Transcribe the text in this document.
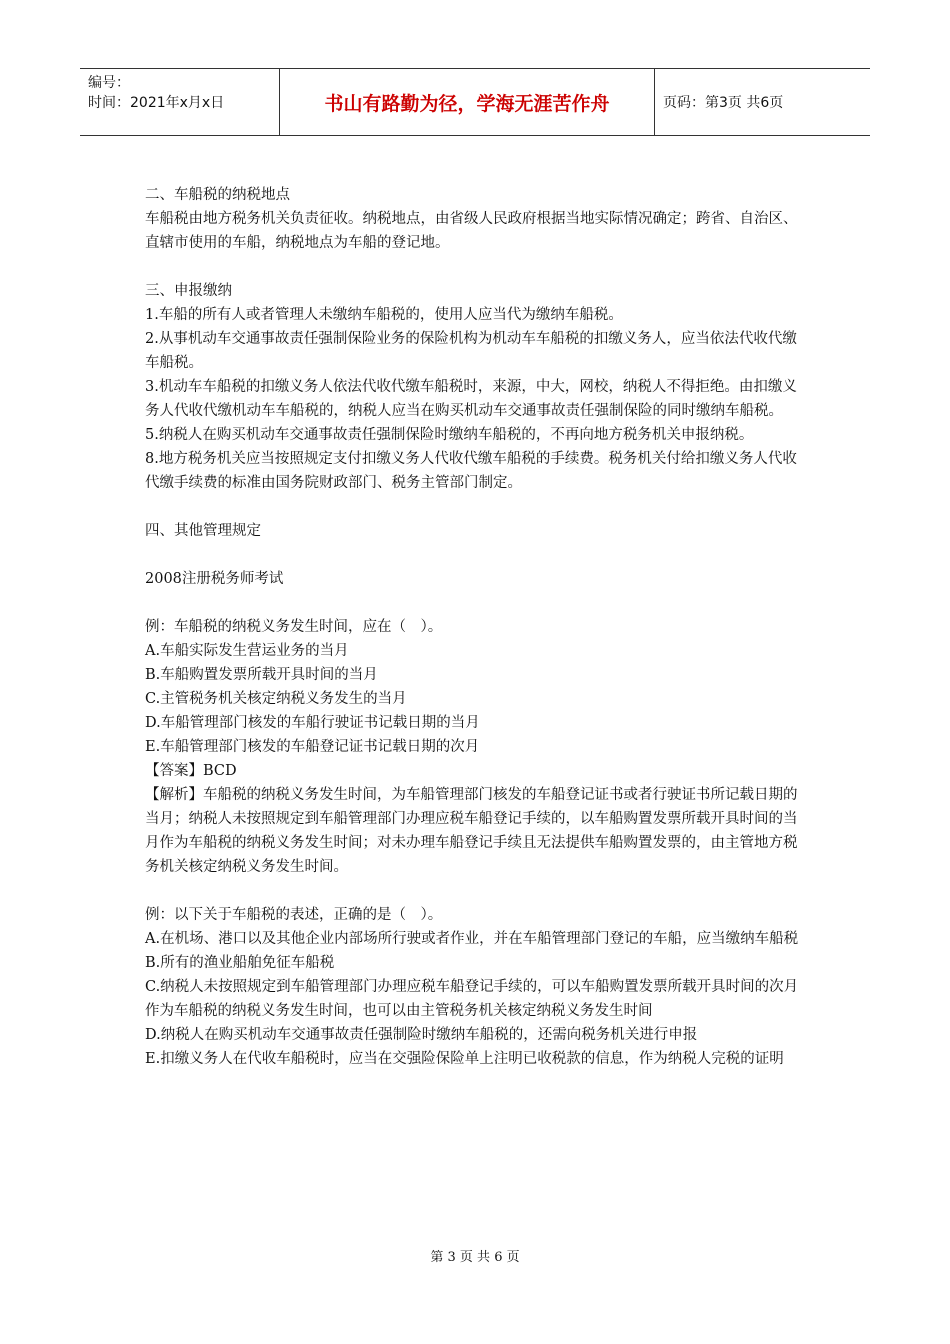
编号：
时间：2021年x月x日	书山有路勤为径，学海无涯苦作舟	页码：第3页 共6页

二、车船税的纳税地点

车船税由地方税务机关负责征收。纳税地点，由省级人民政府根据当地实际情况确定；跨省、自治区、直辖市使用的车船，纳税地点为车船的登记地。

三、申报缴纳

1.车船的所有人或者管理人未缴纳车船税的，使用人应当代为缴纳车船税。

2.从事机动车交通事故责任强制保险业务的保险机构为机动车车船税的扣缴义务人，应当依法代收代缴车船税。

3.机动车车船税的扣缴义务人依法代收代缴车船税时，来源，中大，网校，纳税人不得拒绝。由扣缴义务人代收代缴机动车车船税的，纳税人应当在购买机动车交通事故责任强制保险的同时缴纳车船税。

5.纳税人在购买机动车交通事故责任强制保险时缴纳车船税的，不再向地方税务机关申报纳税。

8.地方税务机关应当按照规定支付扣缴义务人代收代缴车船税的手续费。税务机关付给扣缴义务人代收代缴手续费的标准由国务院财政部门、税务主管部门制定。

四、其他管理规定

2008注册税务师考试

例：车船税的纳税义务发生时间，应在（　）。

A.车船实际发生营运业务的当月

B.车船购置发票所载开具时间的当月

C.主管税务机关核定纳税义务发生的当月

D.车船管理部门核发的车船行驶证书记载日期的当月

E.车船管理部门核发的车船登记证书记载日期的次月

【答案】BCD

【解析】车船税的纳税义务发生时间，为车船管理部门核发的车船登记证书或者行驶证书所记载日期的当月；纳税人未按照规定到车船管理部门办理应税车船登记手续的，以车船购置发票所载开具时间的当月作为车船税的纳税义务发生时间；对未办理车船登记手续且无法提供车船购置发票的，由主管地方税务机关核定纳税义务发生时间。

例：以下关于车船税的表述，正确的是（　）。

A.在机场、港口以及其他企业内部场所行驶或者作业，并在车船管理部门登记的车船，应当缴纳车船税

B.所有的渔业船舶免征车船税

C.纳税人未按照规定到车船管理部门办理应税车船登记手续的，可以车船购置发票所载开具时间的次月作为车船税的纳税义务发生时间，也可以由主管税务机关核定纳税义务发生时间

D.纳税人在购买机动车交通事故责任强制险时缴纳车船税的，还需向税务机关进行申报

E.扣缴义务人在代收车船税时，应当在交强险保险单上注明已收税款的信息，作为纳税人完税的证明

第 3 页 共 6 页
